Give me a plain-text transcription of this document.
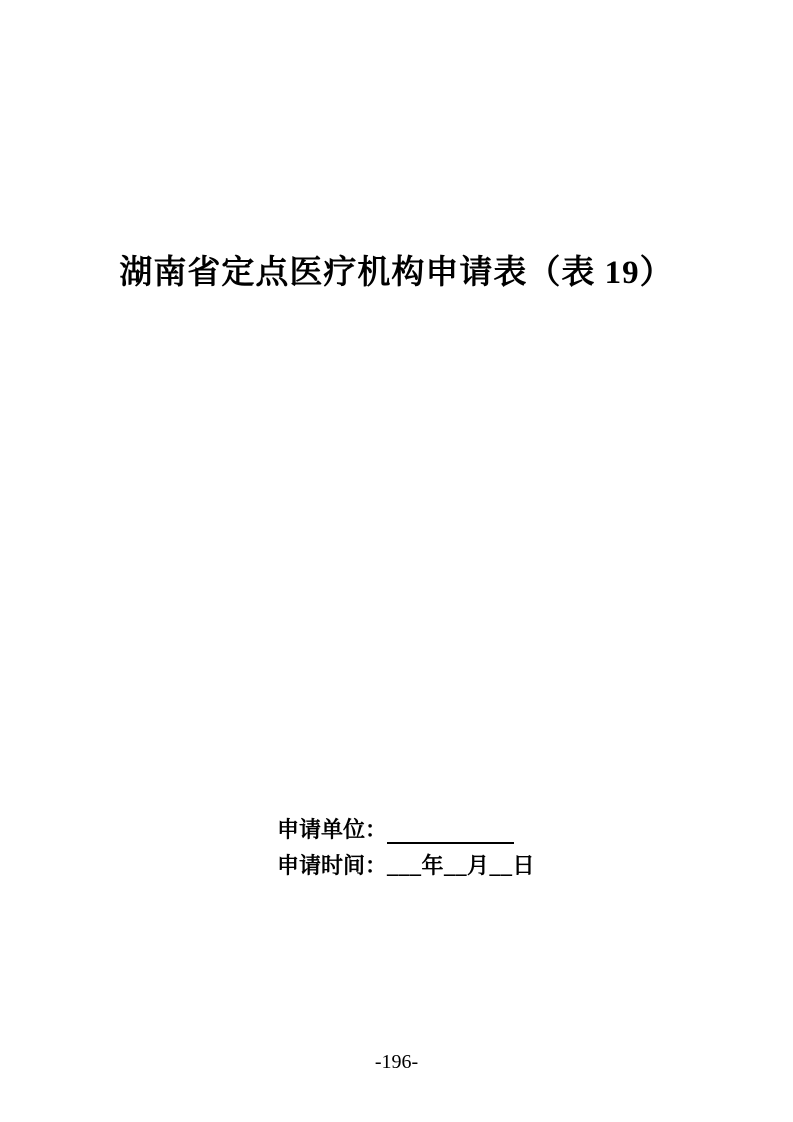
湖南省定点医疗机构申请表（表 19）
申请单位：
申请时间：___年__月__日
-196-
